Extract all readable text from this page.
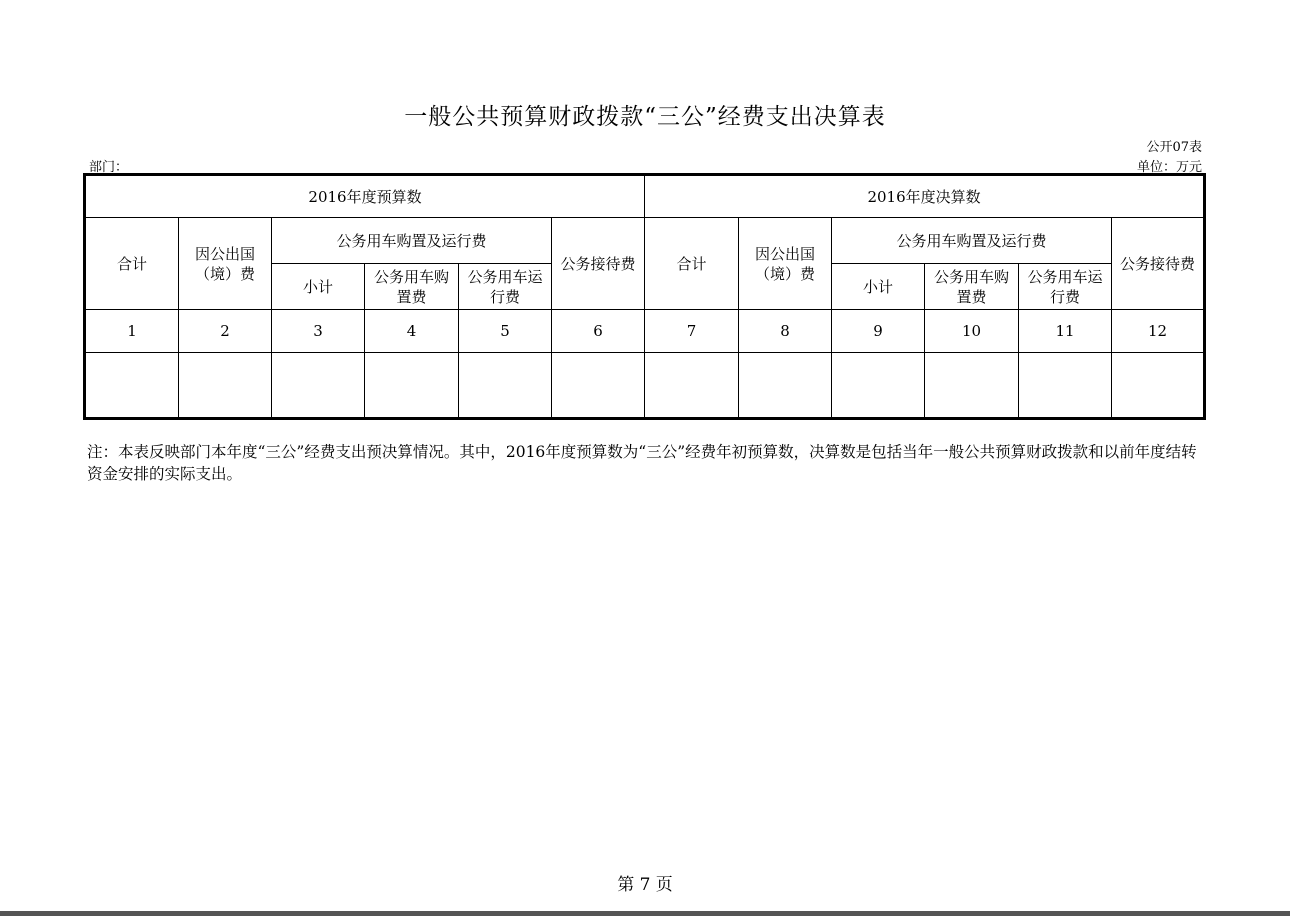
一般公共预算财政拨款“三公”经费支出决算表
公开07表
部门：	单位：万元
2016年度预算数						2016年度决算数					
合计	因公出国（境）费	公务用车购置及运行费			公务接待费	合计	因公出国（境）费	公务用车购置及运行费			公务接待费
		小计	公务用车购置费	公务用车运行费				小计	公务用车购置费	公务用车运行费	
1	2	3	4	5	6	7	8	9	10	11	12

注：本表反映部门本年度“三公”经费支出预决算情况。其中，2016年度预算数为“三公”经费年初预算数，决算数是包括当年一般公共预算财政拨款和以前年度结转资金安排的实际支出。
第 7 页
